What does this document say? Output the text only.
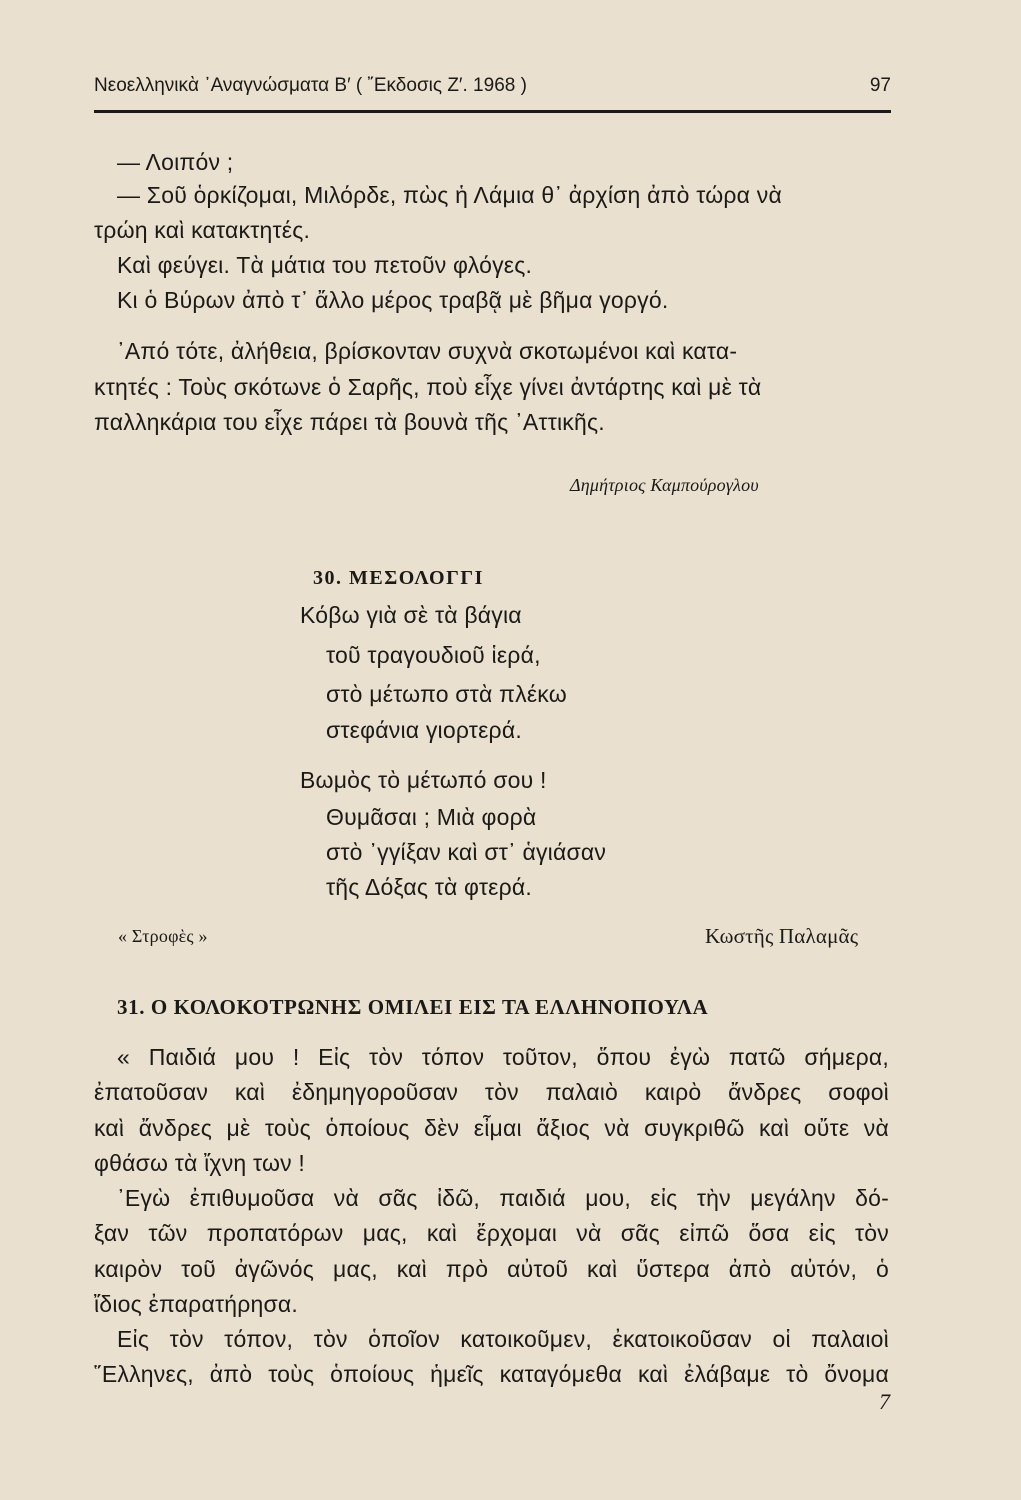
Νεοελληνικὰ ᾽Αναγνώσματα Β′ ( ῎Εκδοσις Ζ′. 1968 )	97
— Λοιπόν ;
— Σοῦ ὁρκίζομαι, Μιλόρδε, πὼς ἡ Λάμια θ᾽ ἀρχίση ἀπὸ τώρα νὰ
τρώη καὶ κατακτητές.
Καὶ φεύγει. Τὰ μάτια του πετοῦν φλόγες.
Κι ὁ Βύρων ἀπὸ τ᾽ ἄλλο μέρος τραβᾷ μὲ βῆμα γοργό.
᾽Από τότε, ἀλήθεια, βρίσκονταν συχνὰ σκοτωμένοι καὶ κατα-
κτητές : Τοὺς σκότωνε ὁ Σαρῆς, ποὺ εἶχε γίνει ἀντάρτης καὶ μὲ τὰ
παλληκάρια του εἶχε πάρει τὰ βουνὰ τῆς ᾽Αττικῆς.
Δημήτριος Καμπούρογλου
30. ΜΕΣΟΛΟΓΓΙ
Κόβω γιὰ σὲ τὰ βάγια
τοῦ τραγουδιοῦ ἱερά,
στὸ μέτωπο στὰ πλέκω
στεφάνια γιορτερά.
Βωμὸς τὸ μέτωπό σου !
Θυμᾶσαι ; Μιὰ φορὰ
στὸ ᾽γγίξαν καὶ στ᾽ ἁγιάσαν
τῆς Δόξας τὰ φτερά.
« Στροφὲς »	Κωστῆς Παλαμᾶς
31. Ο ΚΟΛΟΚΟΤΡΩΝΗΣ ΟΜΙΛΕΙ ΕΙΣ ΤΑ ΕΛΛΗΝΟΠΟΥΛΑ
« Παιδιά μου ! Εἰς τὸν τόπον τοῦτον, ὅπου ἐγὼ πατῶ σήμερα,
ἐπατοῦσαν καὶ ἐδημηγοροῦσαν τὸν παλαιὸ καιρὸ ἄνδρες σοφοὶ
καὶ ἄνδρες μὲ τοὺς ὁποίους δὲν εἶμαι ἄξιος νὰ συγκριθῶ καὶ οὔτε νὰ
φθάσω τὰ ἴχνη των !
᾽Εγὼ ἐπιθυμοῦσα νὰ σᾶς ἰδῶ, παιδιά μου, εἰς τὴν μεγάλην δό-
ξαν τῶν προπατόρων μας, καὶ ἔρχομαι νὰ σᾶς εἰπῶ ὅσα εἰς τὸν
καιρὸν τοῦ ἀγῶνός μας, καὶ πρὸ αὐτοῦ καὶ ὕστερα ἀπὸ αὐτόν, ὁ
ἴδιος ἐπαρατήρησα.
Εἰς τὸν τόπον, τὸν ὁποῖον κατοικοῦμεν, ἐκατοικοῦσαν οἱ παλαιοὶ
῞Ελληνες, ἀπὸ τοὺς ὁποίους ἡμεῖς καταγόμεθα καὶ ἐλάβαμε τὸ ὄνομα
7
